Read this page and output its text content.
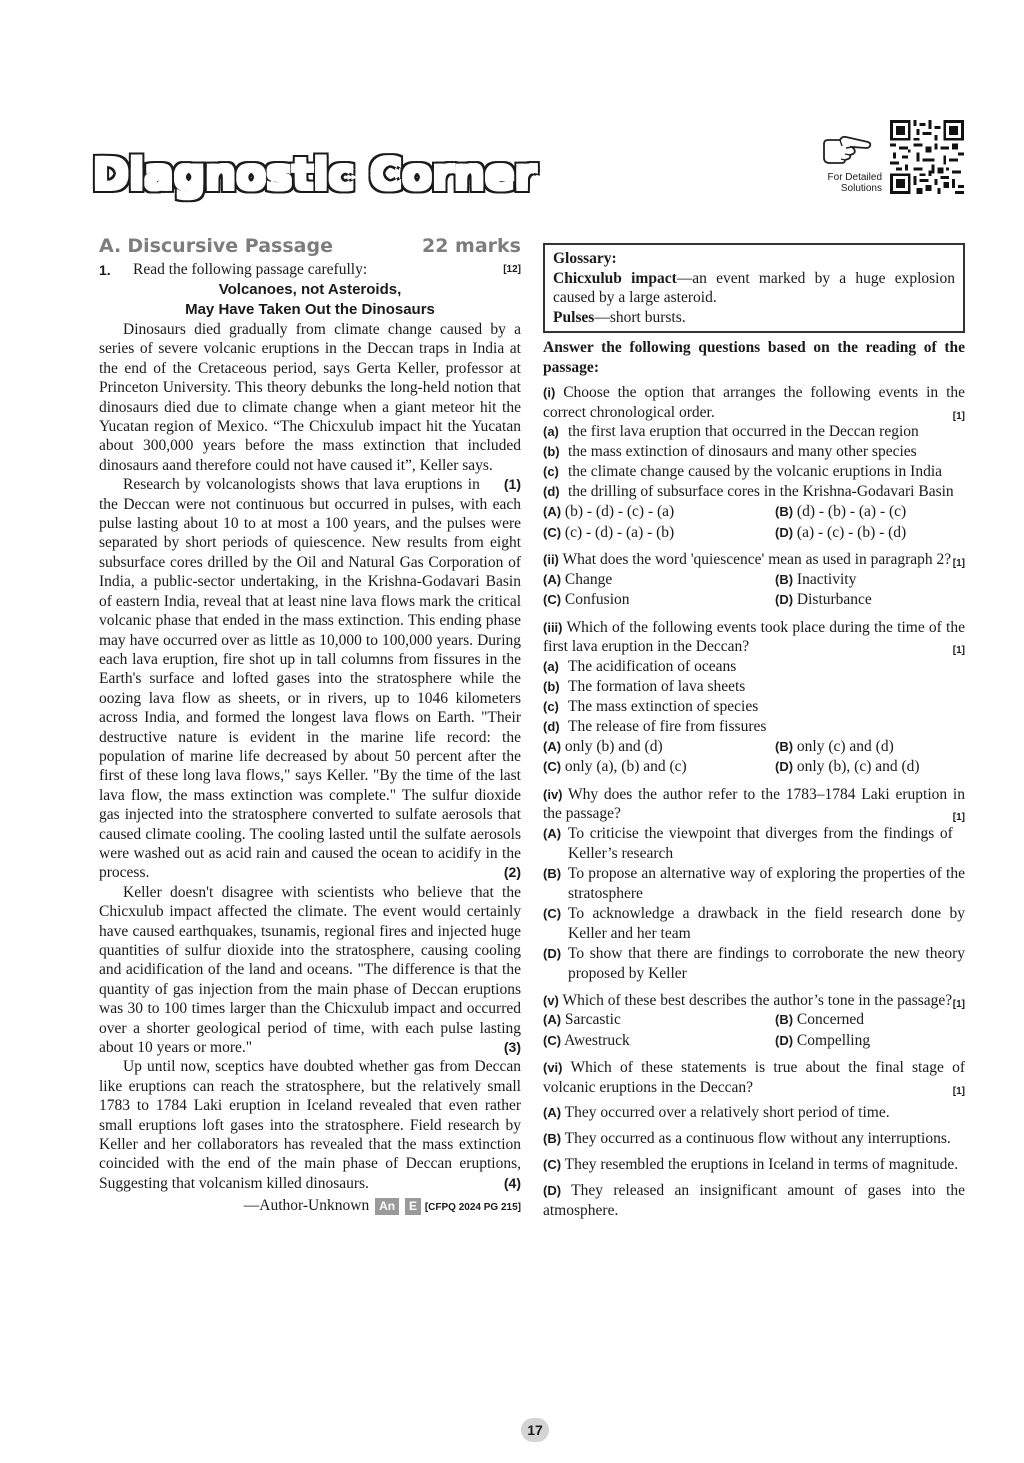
Diagnostic Corner	For Detailed
Solutions
A. Discursive Passage	22 marks
1.	Read the following passage carefully:	[12]
Volcanoes, not Asteroids,
May Have Taken Out the Dinosaurs
Dinosaurs died gradually from climate change caused by a series of severe volcanic eruptions in the Deccan traps in India at the end of the Cretaceous period, says Gerta Keller, professor at Princeton University. This theory debunks the long-held notion that dinosaurs died due to climate change when a giant meteor hit the Yucatan region of Mexico. “The Chicxulub impact hit the Yucatan about 300,000 years before the mass extinction that included dinosaurs aand therefore could not have caused it”, Keller says.
(1)
Research by volcanologists shows that lava eruptions in the Deccan were not continuous but occurred in pulses, with each pulse lasting about 10 to at most a 100 years, and the pulses were separated by short periods of quiescence. New results from eight subsurface cores drilled by the Oil and Natural Gas Corporation of India, a public-sector undertaking, in the Krishna-Godavari Basin of eastern India, reveal that at least nine lava flows mark the critical volcanic phase that ended in the mass extinction. This ending phase may have occurred over as little as 10,000 to 100,000 years. During each lava eruption, fire shot up in tall columns from fissures in the Earth's surface and lofted gases into the stratosphere while the oozing lava flow as sheets, or in rivers, up to 1046 kilometers across India, and formed the longest lava flows on Earth. "Their destructive nature is evident in the marine life record: the population of marine life decreased by about 50 percent after the first of these long lava flows," says Keller. "By the time of the last lava flow, the mass extinction was complete." The sulfur dioxide gas injected into the stratosphere converted to sulfate aerosols that caused climate cooling. The cooling lasted until the sulfate aerosols were washed out as acid rain and caused the ocean to acidify in the process.	(2)
Keller doesn't disagree with scientists who believe that the Chicxulub impact affected the climate. The event would certainly have caused earthquakes, tsunamis, regional fires and injected huge quantities of sulfur dioxide into the stratosphere, causing cooling and acidification of the land and oceans. "The difference is that the quantity of gas injection from the main phase of Deccan eruptions was 30 to 100 times larger than the Chicxulub impact and occurred over a shorter geological period of time, with each pulse lasting about 10 years or more."	(3)
Up until now, sceptics have doubted whether gas from Deccan like eruptions can reach the stratosphere, but the relatively small 1783 to 1784 Laki eruption in Iceland revealed that even rather small eruptions loft gases into the stratosphere. Field research by Keller and her collaborators has revealed that the mass extinction coincided with the end of the main phase of Deccan eruptions, Suggesting that volcanism killed dinosaurs.	(4)
—Author-Unknown An E [CFPQ 2024 PG 215]
Glossary:
Chicxulub impact—an event marked by a huge explosion caused by a large asteroid.
Pulses—short bursts.
Answer the following questions based on the reading of the passage:
(i) Choose the option that arranges the following events in the correct chronological order.	[1]
(a) the first lava eruption that occurred in the Deccan region
(b) the mass extinction of dinosaurs and many other species
(c) the climate change caused by the volcanic eruptions in India
(d) the drilling of subsurface cores in the Krishna-Godavari Basin
(A) (b) - (d) - (c) - (a)	(B) (d) - (b) - (a) - (c)
(C) (c) - (d) - (a) - (b)	(D) (a) - (c) - (b) - (d)
(ii) What does the word 'quiescence' mean as used in paragraph 2? [1]
(A) Change	(B) Inactivity
(C) Confusion	(D) Disturbance
(iii) Which of the following events took place during the time of the first lava eruption in the Deccan?	[1]
(a) The acidification of oceans
(b) The formation of lava sheets
(c) The mass extinction of species
(d) The release of fire from fissures
(A) only (b) and (d)	(B) only (c) and (d)
(C) only (a), (b) and (c)	(D) only (b), (c) and (d)
(iv) Why does the author refer to the 1783–1784 Laki eruption in the passage?	[1]
(A) To criticise the viewpoint that diverges from the findings of Keller’s research
(B) To propose an alternative way of exploring the properties of the stratosphere
(C) To acknowledge a drawback in the field research done by Keller and her team
(D) To show that there are findings to corroborate the new theory proposed by Keller
(v) Which of these best describes the author’s tone in the passage? [1]
(A) Sarcastic	(B) Concerned
(C) Awestruck	(D) Compelling
(vi) Which of these statements is true about the final stage of volcanic eruptions in the Deccan?	[1]
(A) They occurred over a relatively short period of time.
(B) They occurred as a continuous flow without any interruptions.
(C) They resembled the eruptions in Iceland in terms of magnitude.
(D) They released an insignificant amount of gases into the atmosphere.
17
